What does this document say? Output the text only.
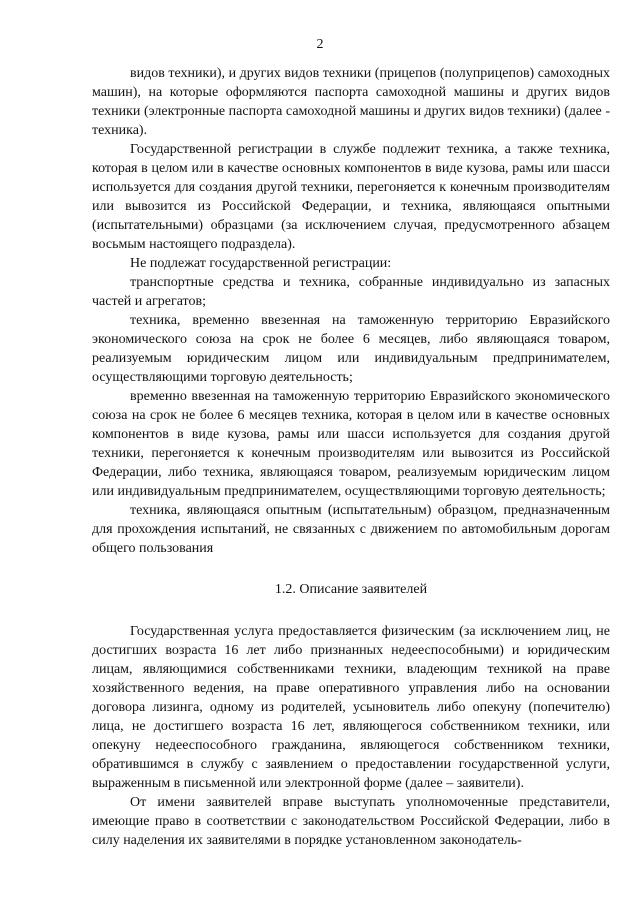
2

видов техники), и других видов техники (прицепов (полуприцепов) самоходных машин), на которые оформляются паспорта самоходной машины и других видов техники (электронные паспорта самоходной машины и других видов техники) (далее - техника).

Государственной регистрации в службе подлежит техника, а также техника, которая в целом или в качестве основных компонентов в виде кузова, рамы или шасси используется для создания другой техники, перегоняется к конечным производителям или вывозится из Российской Федерации, и техника, являющаяся опытными (испытательными) образцами (за исключением случая, предусмотренного абзацем восьмым настоящего подраздела).

Не подлежат государственной регистрации:

транспортные средства и техника, собранные индивидуально из запасных частей и агрегатов;

техника, временно ввезенная на таможенную территорию Евразийского экономического союза на срок не более 6 месяцев, либо являющаяся товаром, реализуемым юридическим лицом или индивидуальным предпринимателем, осуществляющими торговую деятельность;

временно ввезенная на таможенную территорию Евразийского экономического союза на срок не более 6 месяцев техника, которая в целом или в качестве основных компонентов в виде кузова, рамы или шасси используется для создания другой техники, перегоняется к конечным производителям или вывозится из Российской Федерации, либо техника, являющаяся товаром, реализуемым юридическим лицом или индивидуальным предпринимателем, осуществляющими торговую деятельность;

техника, являющаяся опытным (испытательным) образцом, предназначенным для прохождения испытаний, не связанных с движением по автомобильным дорогам общего пользования

1.2. Описание заявителей

Государственная услуга предоставляется физическим (за исключением лиц, не достигших возраста 16 лет либо признанных недееспособными) и юридическим лицам, являющимися собственниками техники, владеющим техникой на праве хозяйственного ведения, на праве оперативного управления либо на основании договора лизинга, одному из родителей, усыновитель либо опекуну (попечителю) лица, не достигшего возраста 16 лет, являющегося собственником техники, или опекуну недееспособного гражданина, являющегося собственником техники, обратившимся в службу с заявлением о предоставлении государственной услуги, выраженным в письменной или электронной форме (далее – заявители).

От имени заявителей вправе выступать уполномоченные представители, имеющие право в соответствии с законодательством Российской Федерации, либо в силу наделения их заявителями в порядке установленном законодатель-
